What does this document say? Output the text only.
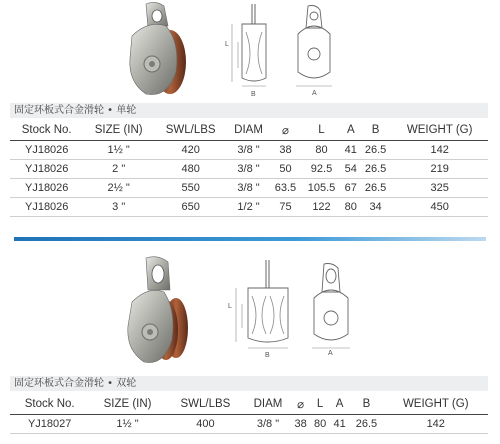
L
B	A
固定环板式合金滑轮 • 单轮
Stock No.	SIZE (IN)	SWL/LBS	DIAM	⌀	L	A	B	WEIGHT (G)
YJ18026	1½ "	420	3/8 "	38	80	41	26.5	142
YJ18026	2 "	480	3/8 "	50	92.5	54	26.5	219
YJ18026	2½ "	550	3/8 "	63.5	105.5	67	26.5	325
YJ18026	3 "	650	1/2 "	75	122	80	34	450
L
B	A
固定环板式合金滑轮 • 双轮
Stock No.	SIZE (IN)	SWL/LBS	DIAM	⌀	L	A	B	WEIGHT (G)
YJ18027	1½ "	400	3/8 "	38	80	41	26.5	142
